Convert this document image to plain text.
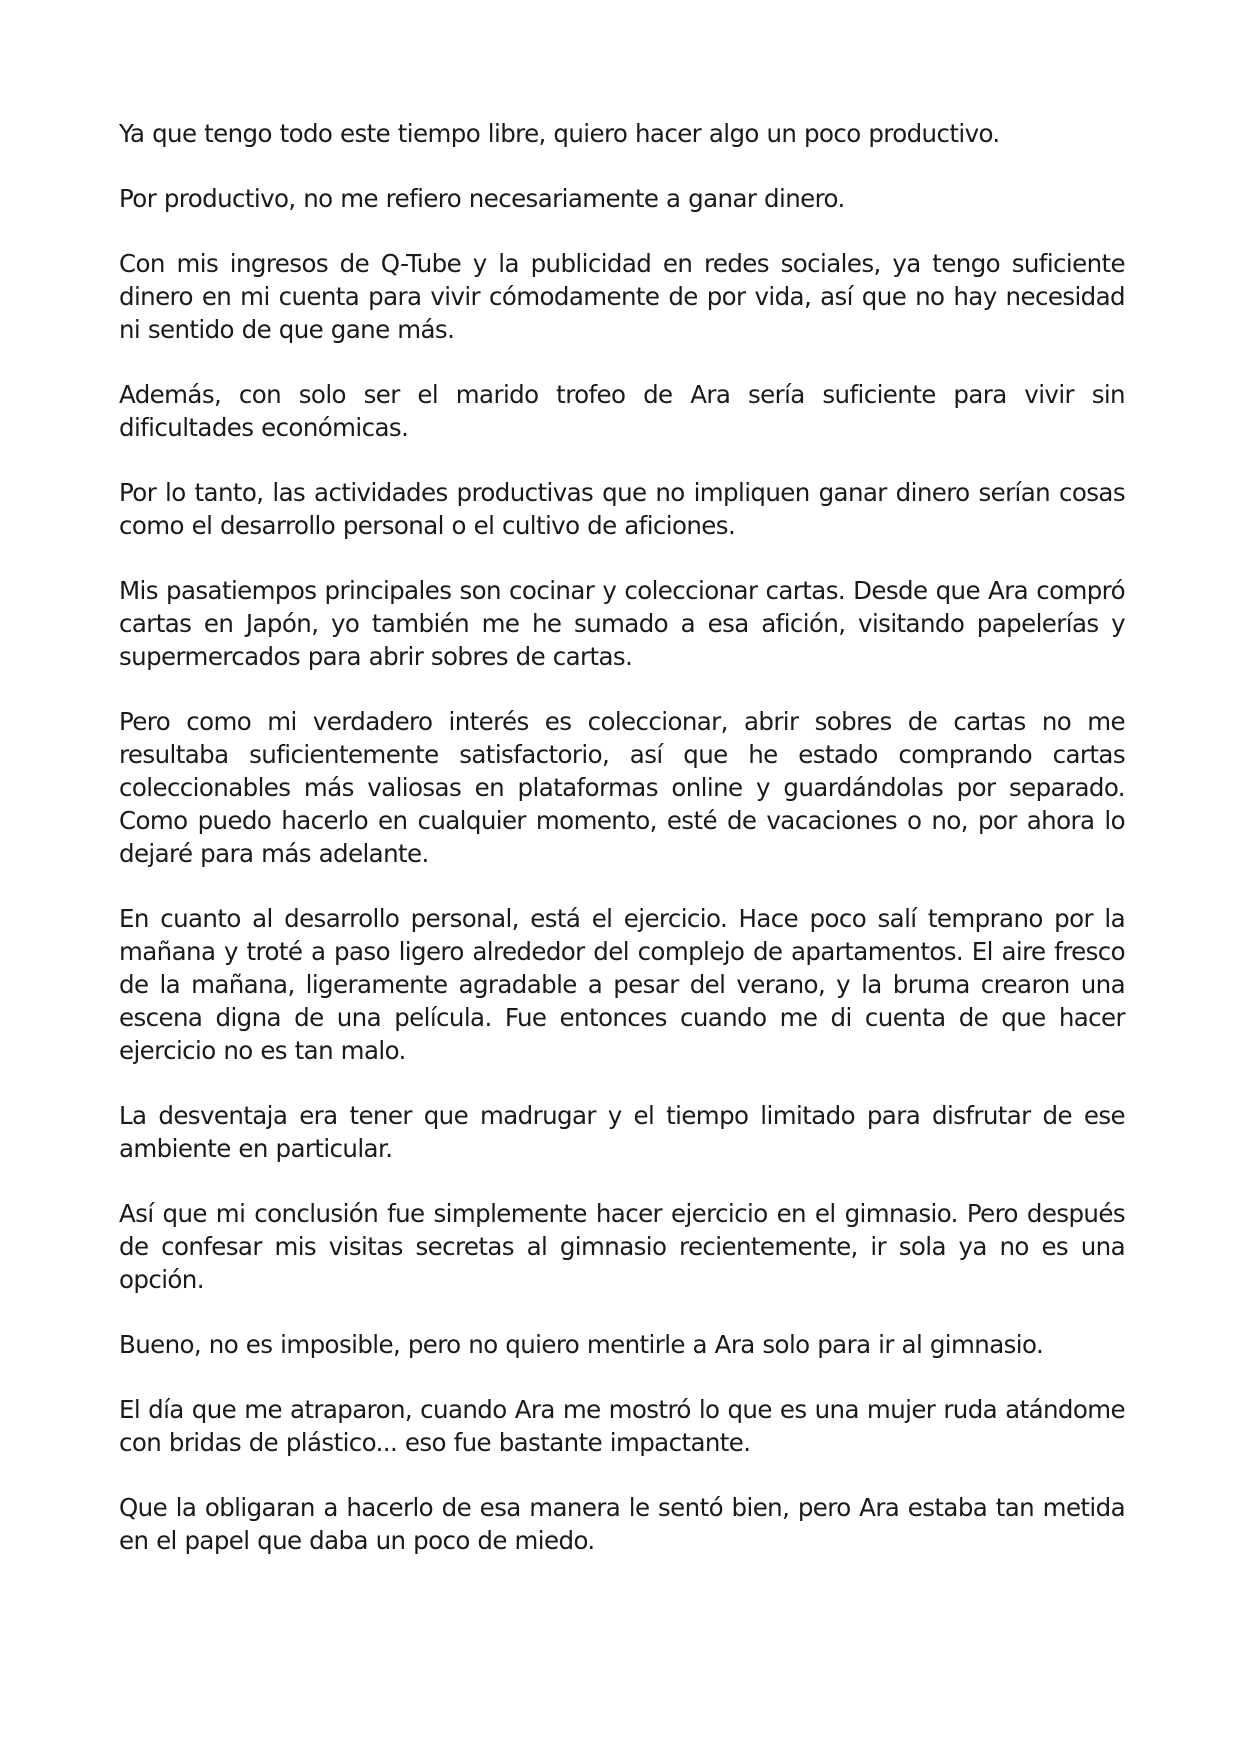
Ya que tengo todo este tiempo libre, quiero hacer algo un poco productivo.

Por productivo, no me refiero necesariamente a ganar dinero.

Con mis ingresos de Q-Tube y la publicidad en redes sociales, ya tengo suficiente dinero en mi cuenta para vivir cómodamente de por vida, así que no hay necesidad ni sentido de que gane más.

Además, con solo ser el marido trofeo de Ara sería suficiente para vivir sin dificultades económicas.

Por lo tanto, las actividades productivas que no impliquen ganar dinero serían cosas como el desarrollo personal o el cultivo de aficiones.

Mis pasatiempos principales son cocinar y coleccionar cartas. Desde que Ara compró cartas en Japón, yo también me he sumado a esa afición, visitando papelerías y supermercados para abrir sobres de cartas.

Pero como mi verdadero interés es coleccionar, abrir sobres de cartas no me resultaba suficientemente satisfactorio, así que he estado comprando cartas coleccionables más valiosas en plataformas online y guardándolas por separado. Como puedo hacerlo en cualquier momento, esté de vacaciones o no, por ahora lo dejaré para más adelante.

En cuanto al desarrollo personal, está el ejercicio. Hace poco salí temprano por la mañana y troté a paso ligero alrededor del complejo de apartamentos. El aire fresco de la mañana, ligeramente agradable a pesar del verano, y la bruma crearon una escena digna de una película. Fue entonces cuando me di cuenta de que hacer ejercicio no es tan malo.

La desventaja era tener que madrugar y el tiempo limitado para disfrutar de ese ambiente en particular.

Así que mi conclusión fue simplemente hacer ejercicio en el gimnasio. Pero después de confesar mis visitas secretas al gimnasio recientemente, ir sola ya no es una opción.

Bueno, no es imposible, pero no quiero mentirle a Ara solo para ir al gimnasio.

El día que me atraparon, cuando Ara me mostró lo que es una mujer ruda atándome con bridas de plástico... eso fue bastante impactante.

Que la obligaran a hacerlo de esa manera le sentó bien, pero Ara estaba tan metida en el papel que daba un poco de miedo.
